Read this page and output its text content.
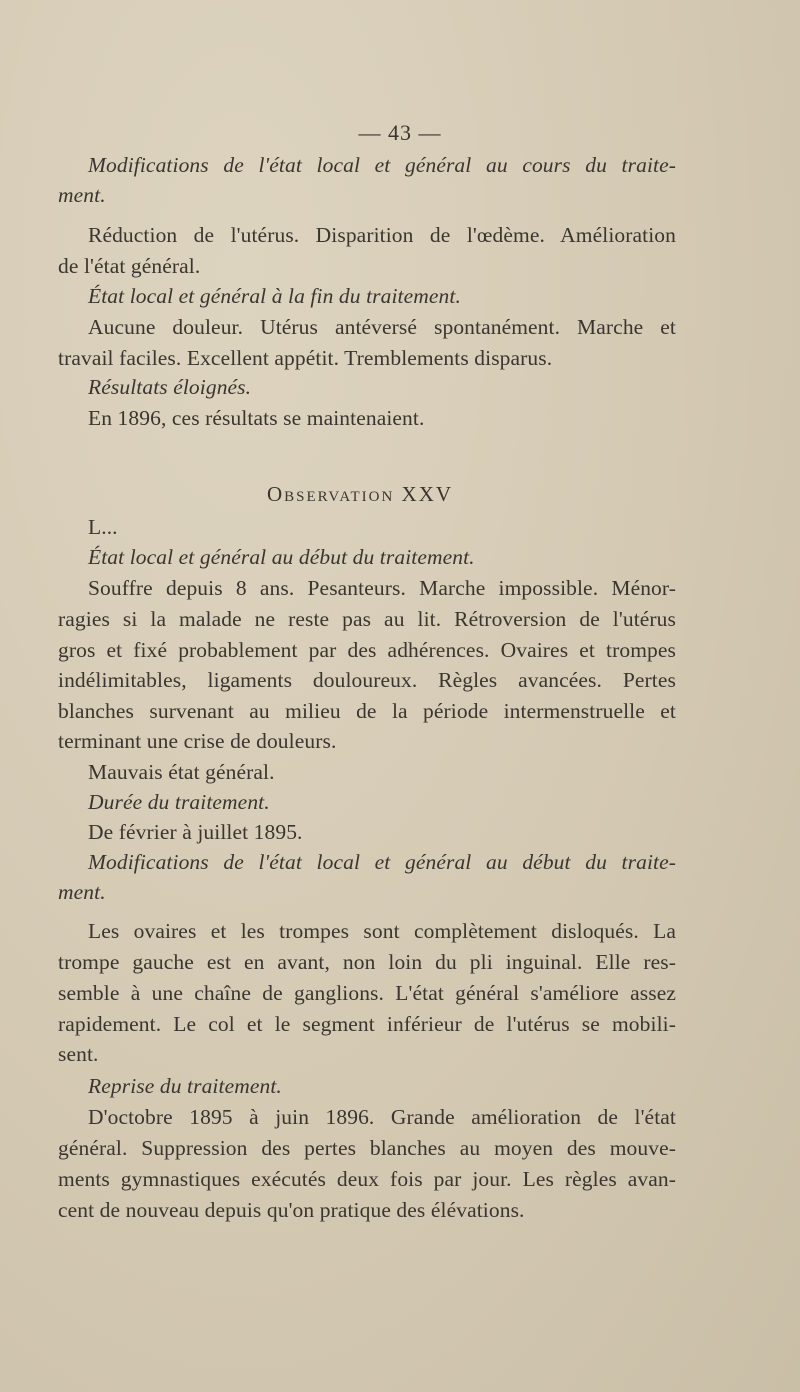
— 43 —
Modifications de l'état local et général au cours du traite-
ment.
Réduction de l'utérus. Disparition de l'œdème. Amélioration
de l'état général.
État local et général à la fin du traitement.
Aucune douleur. Utérus antéversé spontanément. Marche et
travail faciles. Excellent appétit. Tremblements disparus.
Résultats éloignés.
En 1896, ces résultats se maintenaient.
Observation XXV
L...
État local et général au début du traitement.
Souffre depuis 8 ans. Pesanteurs. Marche impossible. Ménor-
ragies si la malade ne reste pas au lit. Rétroversion de l'utérus
gros et fixé probablement par des adhérences. Ovaires et trompes
indélimitables, ligaments douloureux. Règles avancées. Pertes
blanches survenant au milieu de la période intermenstruelle et
terminant une crise de douleurs.
Mauvais état général.
Durée du traitement.
De février à juillet 1895.
Modifications de l'état local et général au début du traite-
ment.
Les ovaires et les trompes sont complètement disloqués. La
trompe gauche est en avant, non loin du pli inguinal. Elle res-
semble à une chaîne de ganglions. L'état général s'améliore assez
rapidement. Le col et le segment inférieur de l'utérus se mobili-
sent.
Reprise du traitement.
D'octobre 1895 à juin 1896. Grande amélioration de l'état
général. Suppression des pertes blanches au moyen des mouve-
ments gymnastiques exécutés deux fois par jour. Les règles avan-
cent de nouveau depuis qu'on pratique des élévations.
